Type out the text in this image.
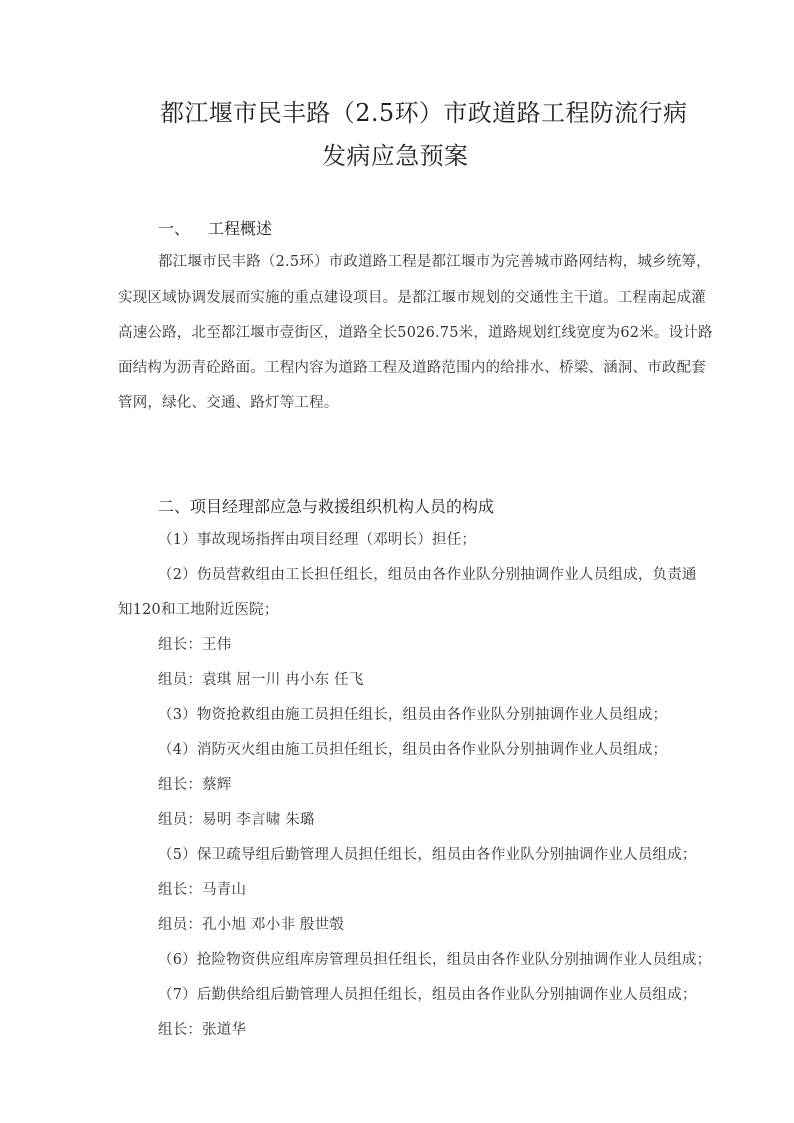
都江堰市民丰路（2.5环）市政道路工程防流行病
发病应急预案
一、 工程概述
都江堰市民丰路（2.5环）市政道路工程是都江堰市为完善城市路网结构，城乡统筹，
实现区域协调发展而实施的重点建设项目。是都江堰市规划的交通性主干道。工程南起成灌
高速公路，北至都江堰市壹街区，道路全长5026.75米，道路规划红线宽度为62米。设计路
面结构为沥青砼路面。工程内容为道路工程及道路范围内的给排水、桥梁、涵洞、市政配套
管网，绿化、交通、路灯等工程。
二、项目经理部应急与救援组织机构人员的构成
（1）事故现场指挥由项目经理（邓明长）担任；
（2）伤员营救组由工长担任组长，组员由各作业队分别抽调作业人员组成，负责通
知120和工地附近医院；
组长：王伟
组员：袁琪 屈一川 冉小东 任飞
（3）物资抢救组由施工员担任组长，组员由各作业队分别抽调作业人员组成；
（4）消防灭火组由施工员担任组长，组员由各作业队分别抽调作业人员组成；
组长：蔡辉
组员：易明 李言啸 朱璐
（5）保卫疏导组后勤管理人员担任组长，组员由各作业队分别抽调作业人员组成；
组长：马青山
组员：孔小旭 邓小非 殷世彀
（6）抢险物资供应组库房管理员担任组长，组员由各作业队分别抽调作业人员组成；
（7）后勤供给组后勤管理人员担任组长，组员由各作业队分别抽调作业人员组成；
组长：张道华
